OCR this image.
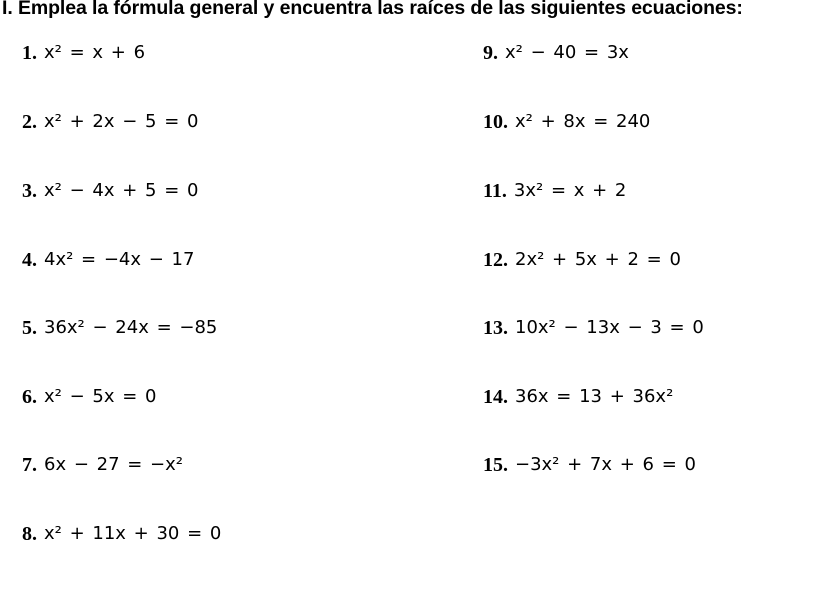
I. Emplea la fórmula general y encuentra las raíces de las siguientes ecuaciones:
1. x² = x + 6
2. x² + 2x − 5 = 0
3. x² − 4x + 5 = 0
4. 4x² = −4x − 17
5. 36x² − 24x = −85
6. x² − 5x = 0
7. 6x − 27 = −x²
8. x² + 11x + 30 = 0
9. x² − 40 = 3x
10. x² + 8x = 240
11. 3x² = x + 2
12. 2x² + 5x + 2 = 0
13. 10x² − 13x − 3 = 0
14. 36x = 13 + 36x²
15. −3x² + 7x + 6 = 0
